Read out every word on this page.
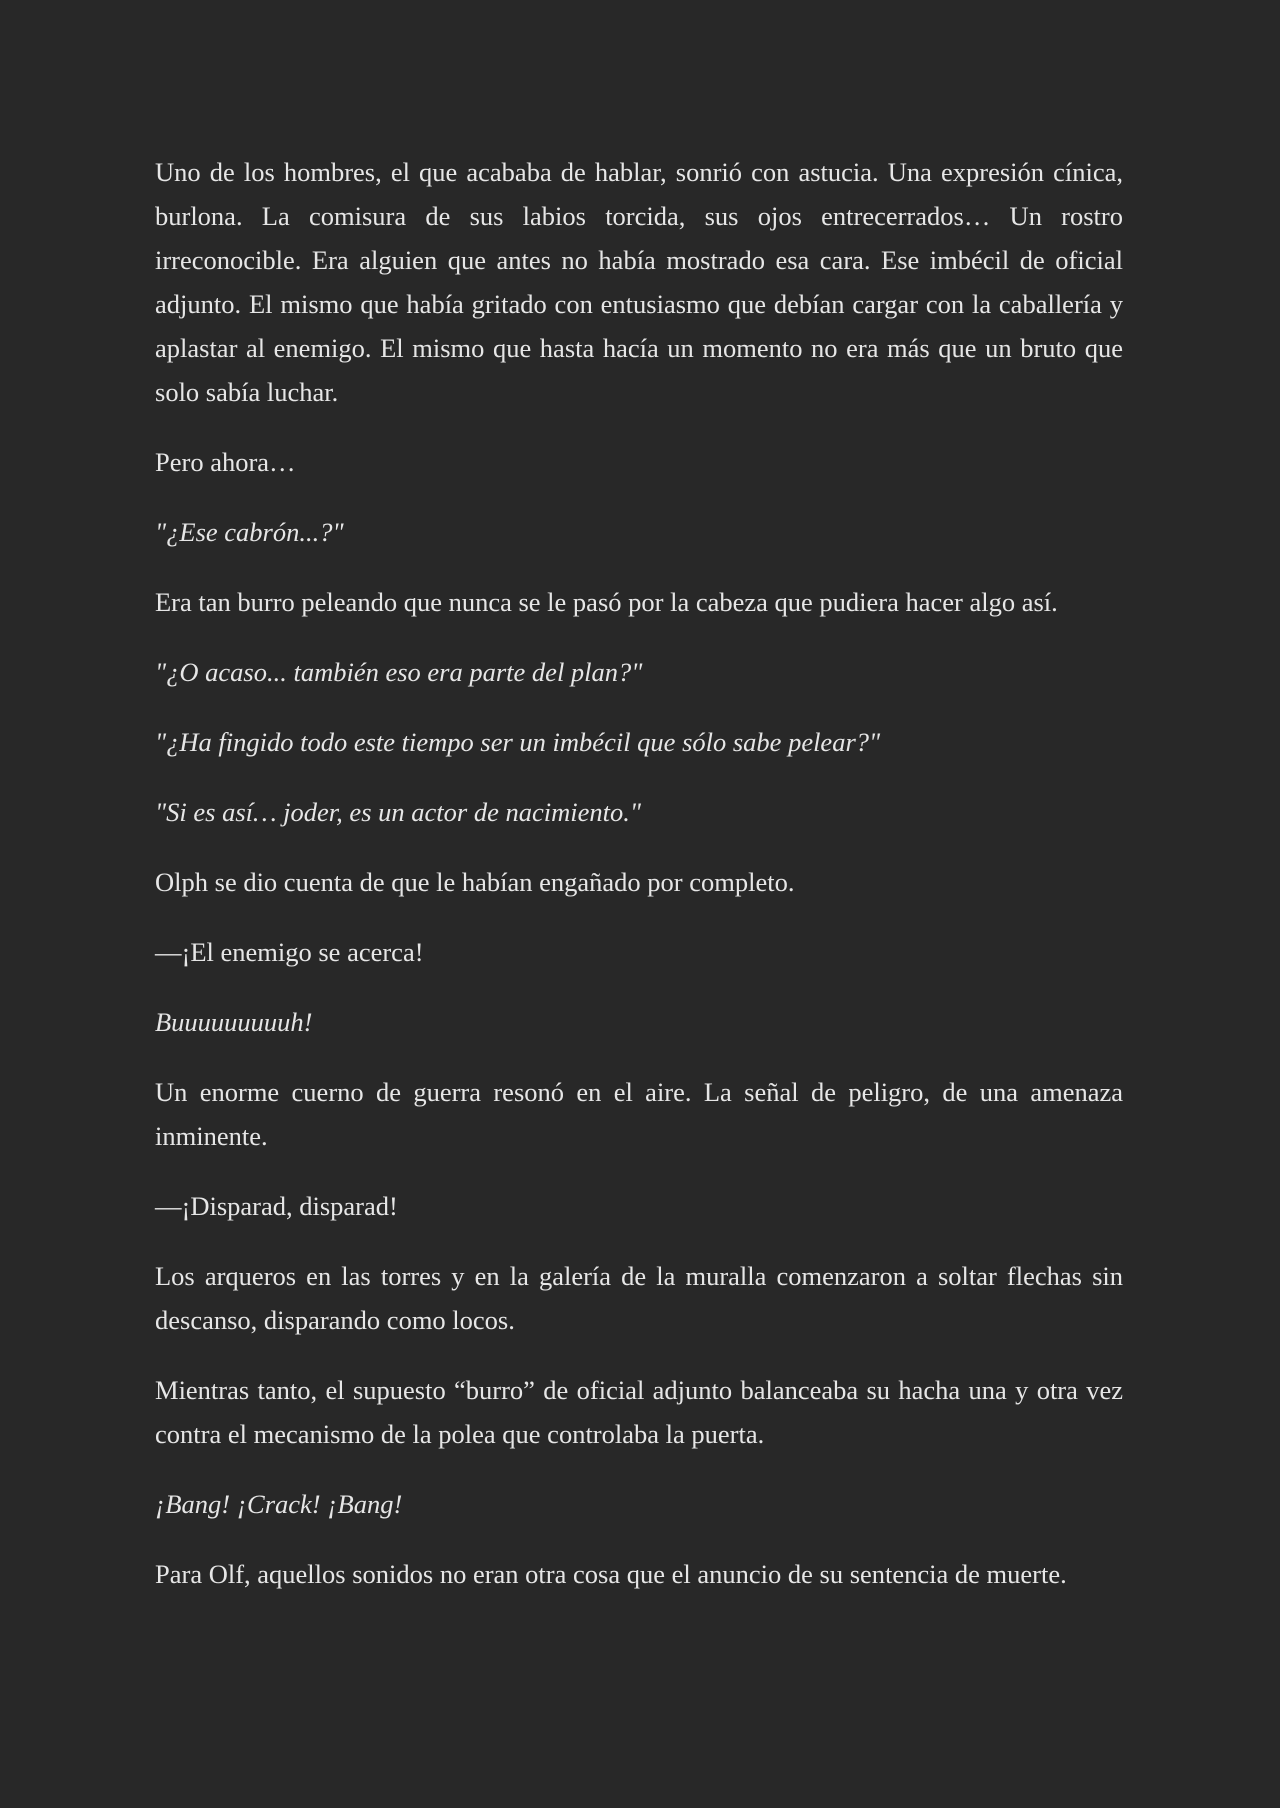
Uno de los hombres, el que acababa de hablar, sonrió con astucia. Una expresión cínica, burlona. La comisura de sus labios torcida, sus ojos entrecerrados… Un rostro irreconocible. Era alguien que antes no había mostrado esa cara. Ese imbécil de oficial adjunto. El mismo que había gritado con entusiasmo que debían cargar con la caballería y aplastar al enemigo. El mismo que hasta hacía un momento no era más que un bruto que solo sabía luchar.

Pero ahora…

"¿Ese cabrón...?"

Era tan burro peleando que nunca se le pasó por la cabeza que pudiera hacer algo así.

"¿O acaso... también eso era parte del plan?"

"¿Ha fingido todo este tiempo ser un imbécil que sólo sabe pelear?"

"Si es así… joder, es un actor de nacimiento."

Olph se dio cuenta de que le habían engañado por completo.

—¡El enemigo se acerca!

Buuuuuuuuuh!

Un enorme cuerno de guerra resonó en el aire. La señal de peligro, de una amenaza inminente.

—¡Disparad, disparad!

Los arqueros en las torres y en la galería de la muralla comenzaron a soltar flechas sin descanso, disparando como locos.

Mientras tanto, el supuesto “burro” de oficial adjunto balanceaba su hacha una y otra vez contra el mecanismo de la polea que controlaba la puerta.

¡Bang! ¡Crack! ¡Bang!

Para Olf, aquellos sonidos no eran otra cosa que el anuncio de su sentencia de muerte.
